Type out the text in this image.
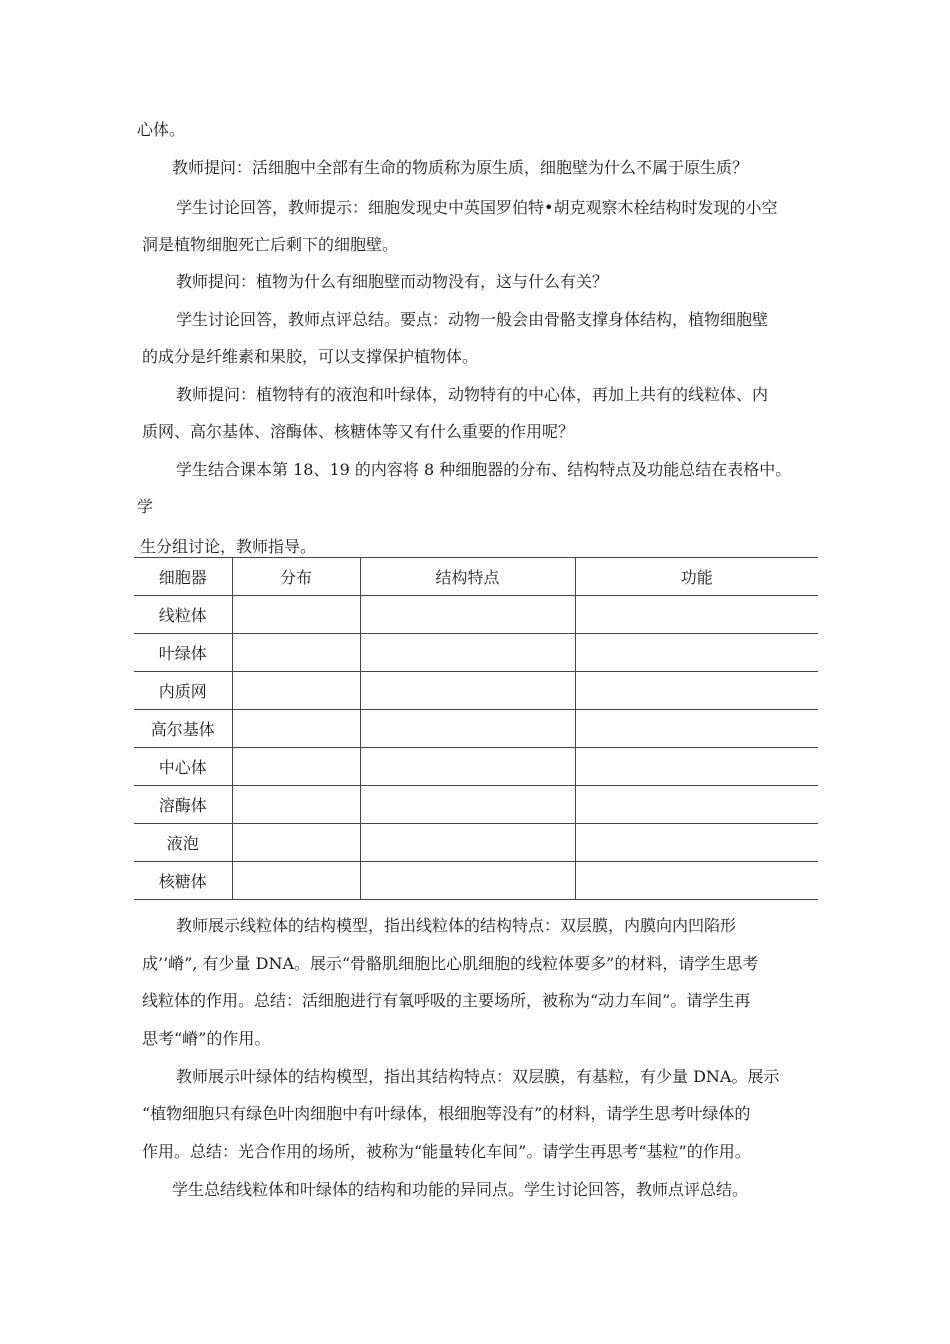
心体。
教师提问：活细胞中全部有生命的物质称为原生质，细胞壁为什么不属于原生质？
学生讨论回答，教师提示：细胞发现史中英国罗伯特•胡克观察木栓结构时发现的小空
洞是植物细胞死亡后剩下的细胞壁。
教师提问：植物为什么有细胞壁而动物没有，这与什么有关？
学生讨论回答，教师点评总结。要点：动物一般会由骨骼支撑身体结构，植物细胞壁
的成分是纤维素和果胶，可以支撑保护植物体。
教师提问：植物特有的液泡和叶绿体，动物特有的中心体，再加上共有的线粒体、内
质网、高尔基体、溶酶体、核糖体等又有什么重要的作用呢？
学生结合课本第 18、19 的内容将 8 种细胞器的分布、结构特点及功能总结在表格中。
学
生分组讨论，教师指导。
细胞器	分布	结构特点	功能
线粒体			
叶绿体			
内质网			
高尔基体			
中心体			
溶酶体			
液泡			
核糖体			
教师展示线粒体的结构模型，指出线粒体的结构特点：双层膜，内膜向内凹陷形
成’’嵴”, 有少量 DNA。展示“骨骼肌细胞比心肌细胞的线粒体要多”的材料，请学生思考
线粒体的作用。总结：活细胞进行有氧呼吸的主要场所，被称为“动力车间”。请学生再
思考“嵴”的作用。
教师展示叶绿体的结构模型，指出其结构特点：双层膜，有基粒，有少量 DNA。展示
“植物细胞只有绿色叶肉细胞中有叶绿体，根细胞等没有”的材料，请学生思考叶绿体的
作用。总结：光合作用的场所，被称为“能量转化车间”。请学生再思考“基粒”的作用。
学生总结线粒体和叶绿体的结构和功能的异同点。学生讨论回答，教师点评总结。
